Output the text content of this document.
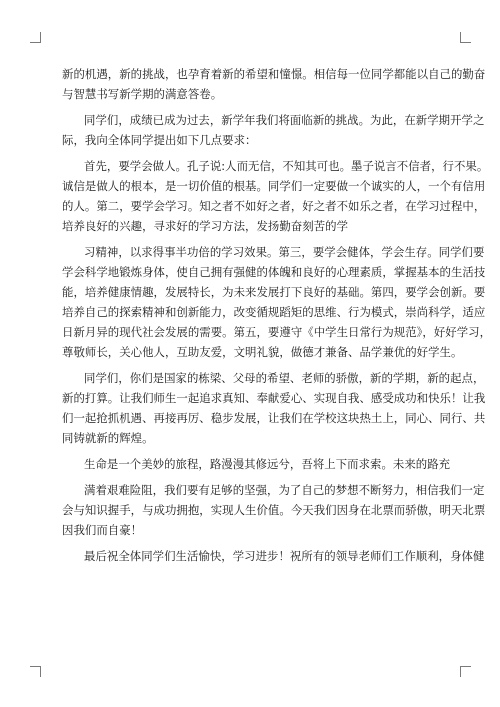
新的机遇，新的挑战，也孕育着新的希望和憧憬。相信每一位同学都能以自己的勤奋
与智慧书写新学期的满意答卷。
同学们，成绩已成为过去，新学年我们将面临新的挑战。为此，在新学期开学之
际，我向全体同学提出如下几点要求：
首先，要学会做人。孔子说:人而无信，不知其可也。墨子说言不信者，行不果。
诚信是做人的根本，是一切价值的根基。同学们一定要做一个诚实的人，一个有信用
的人。第二，要学会学习。知之者不如好之者，好之者不如乐之者，在学习过程中，
培养良好的兴趣，寻求好的学习方法，发扬勤奋刻苦的学
习精神，以求得事半功倍的学习效果。第三，要学会健体，学会生存。同学们要
学会科学地锻炼身体，使自己拥有强健的体魄和良好的心理素质，掌握基本的生活技
能，培养健康情趣，发展特长，为未来发展打下良好的基础。第四，要学会创新。要
培养自己的探索精神和创新能力，改变循规蹈矩的思维、行为模式，崇尚科学，适应
日新月异的现代社会发展的需要。第五，要遵守《中学生日常行为规范》，好好学习，
尊敬师长，关心他人，互助友爱，文明礼貌，做德才兼备、品学兼优的好学生。
同学们，你们是国家的栋梁、父母的希望、老师的骄傲，新的学期，新的起点，
新的打算。让我们师生一起追求真知、奉献爱心、实现自我、感受成功和快乐！让我
们一起抢抓机遇、再接再厉、稳步发展，让我们在学校这块热土上，同心、同行、共
同铸就新的辉煌。
生命是一个美妙的旅程，路漫漫其修远兮，吾将上下而求索。未来的路充
满着艰难险阻，我们要有足够的坚强，为了自己的梦想不断努力，相信我们一定
会与知识握手，与成功拥抱，实现人生价值。今天我们因身在北票而骄傲，明天北票
因我们而自豪！
最后祝全体同学们生活愉快，学习进步！祝所有的领导老师们工作顺利，身体健
